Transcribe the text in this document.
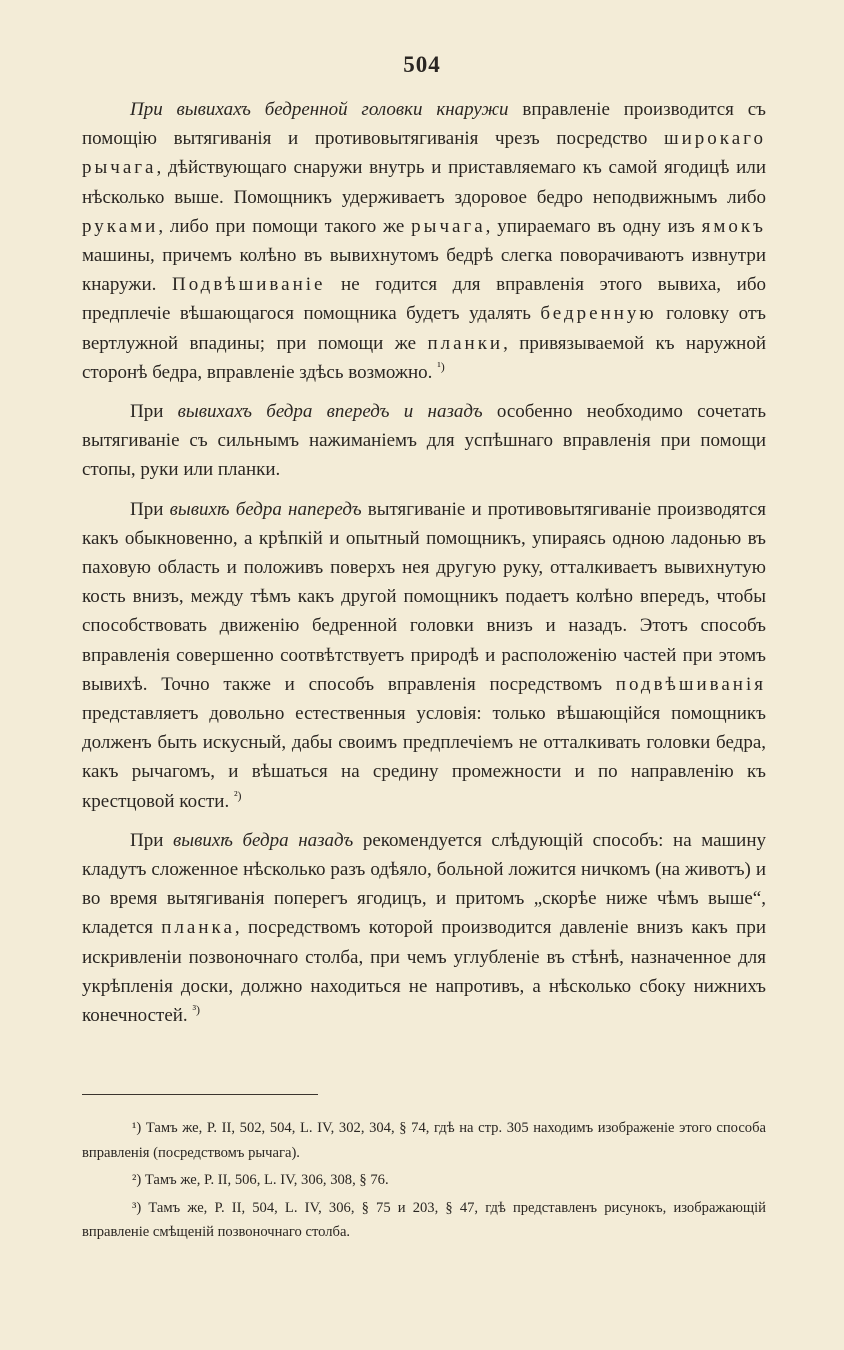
504

При вывихахъ бедренной головки кнаружи вправленіе производится съ помощію вытягиванія и противовытягиванія чрезъ посредство широкаго рычага, дѣйствующаго снаружи внутрь и приставляемаго къ самой ягодицѣ или нѣсколько выше. Помощникъ удерживаетъ здоровое бедро неподвижнымъ либо руками, либо при помощи такого же рычага, упираемаго въ одну изъ ямокъ машины, причемъ колѣно въ вывихнутомъ бедрѣ слегка поворачиваютъ извнутри кнаружи. Подвѣшиваніе не годится для вправленія этого вывиха, ибо предплечіе вѣшающагося помощника будетъ удалять бедренную головку отъ вертлужной впадины; при помощи же планки, привязываемой къ наружной сторонѣ бедра, вправленіе здѣсь возможно. $^{^1)}$

При вывихахъ бедра впередъ и назадъ особенно необходимо сочетать вытягиваніе съ сильнымъ нажиманіемъ для успѣшнаго вправленія при помощи стопы, руки или планки.

При вывихѣ бедра напередъ вытягиваніе и противовытягиваніе производятся какъ обыкновенно, а крѣпкій и опытный помощникъ, упираясь одною ладонью въ паховую область и положивъ поверхъ нея другую руку, отталкиваетъ вывихнутую кость внизъ, между тѣмъ какъ другой помощникъ подаетъ колѣно впередъ, чтобы способствовать движенію бедренной головки внизъ и назадъ. Этотъ способъ вправленія совершенно соотвѣтствуетъ природѣ и расположенію частей при этомъ вывихѣ. Точно также и способъ вправленія посредствомъ подвѣшиванія представляетъ довольно естественныя условія: только вѣшающійся помощникъ долженъ быть искусный, дабы своимъ предплечіемъ не отталкивать головки бедра, какъ рычагомъ, и вѣшаться на средину промежности и по направленію къ крестцовой кости. $^{^2)}$

При вывихѣ бедра назадъ рекомендуется слѣдующій способъ: на машину кладутъ сложенное нѣсколько разъ одѣяло, больной ложится ничкомъ (на животъ) и во время вытягиванія поперегъ ягодицъ, и притомъ „скорѣе ниже чѣмъ выше“, кладется планка, посредствомъ которой производится давленіе внизъ какъ при искривленіи позвоночнаго столба, при чемъ углубленіе въ стѣнѣ, назначенное для укрѣпленія доски, должно находиться не напротивъ, а нѣсколько сбоку нижнихъ конечностей. $^{^3)}$

¹) Тамъ же, P. II, 502, 504, L. IV, 302, 304, § 74, гдѣ на стр. 305 находимъ изображеніе этого способа вправленія (посредствомъ рычага).

²) Тамъ же, P. II, 506, L. IV, 306, 308, § 76.

³) Тамъ же, P. II, 504, L. IV, 306, § 75 и 203, § 47, гдѣ представленъ рисунокъ, изображающій вправленіе смѣщеній позвоночнаго столба.
